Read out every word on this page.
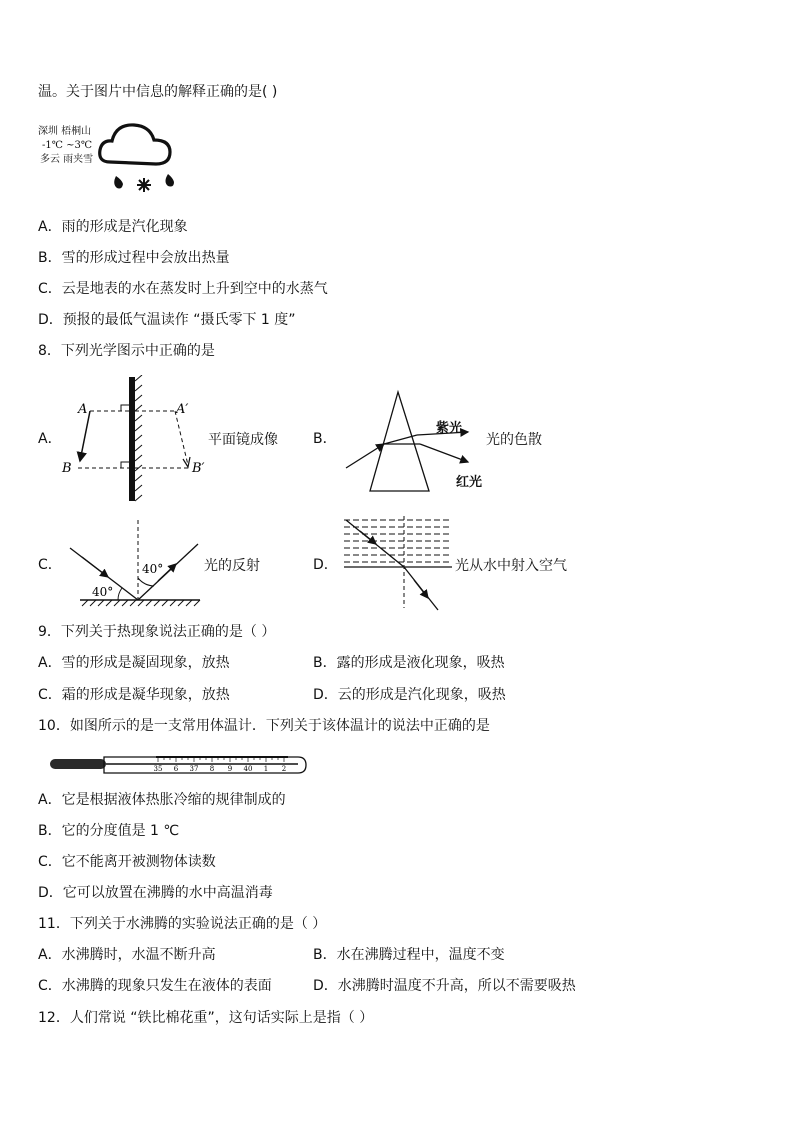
温。关于图片中信息的解释正确的是( )
深圳 梧桐山
-1℃ ~3℃
多云 雨夹雪
A．雨的形成是汽化现象
B．雪的形成过程中会放出热量
C．云是地表的水在蒸发时上升到空中的水蒸气
D．预报的最低气温读作 “摄氏零下 1 度”
8．下列光学图示中正确的是
A．
A	A′
B	B′
平面镜成像	B．
紫光
红光
光的色散
C．
40°
40°	光的反射	D．	光从水中射入空气
9．下列关于热现象说法正确的是（ ）
A．雪的形成是凝固现象，放热	B．露的形成是液化现象，吸热
C．霜的形成是凝华现象，放热	D．云的形成是汽化现象，吸热
10．如图所示的是一支常用体温计．下列关于该体温计的说法中正确的是
35 6 37 8 9 40 1 2
A．它是根据液体热胀冷缩的规律制成的
B．它的分度值是 1 ℃
C．它不能离开被测物体读数
D．它可以放置在沸腾的水中高温消毒
11．下列关于水沸腾的实验说法正确的是（ ）
A．水沸腾时，水温不断升高	B．水在沸腾过程中，温度不变
C．水沸腾的现象只发生在液体的表面	D．水沸腾时温度不升高，所以不需要吸热
12．人们常说 “铁比棉花重”，这句话实际上是指（ ）
